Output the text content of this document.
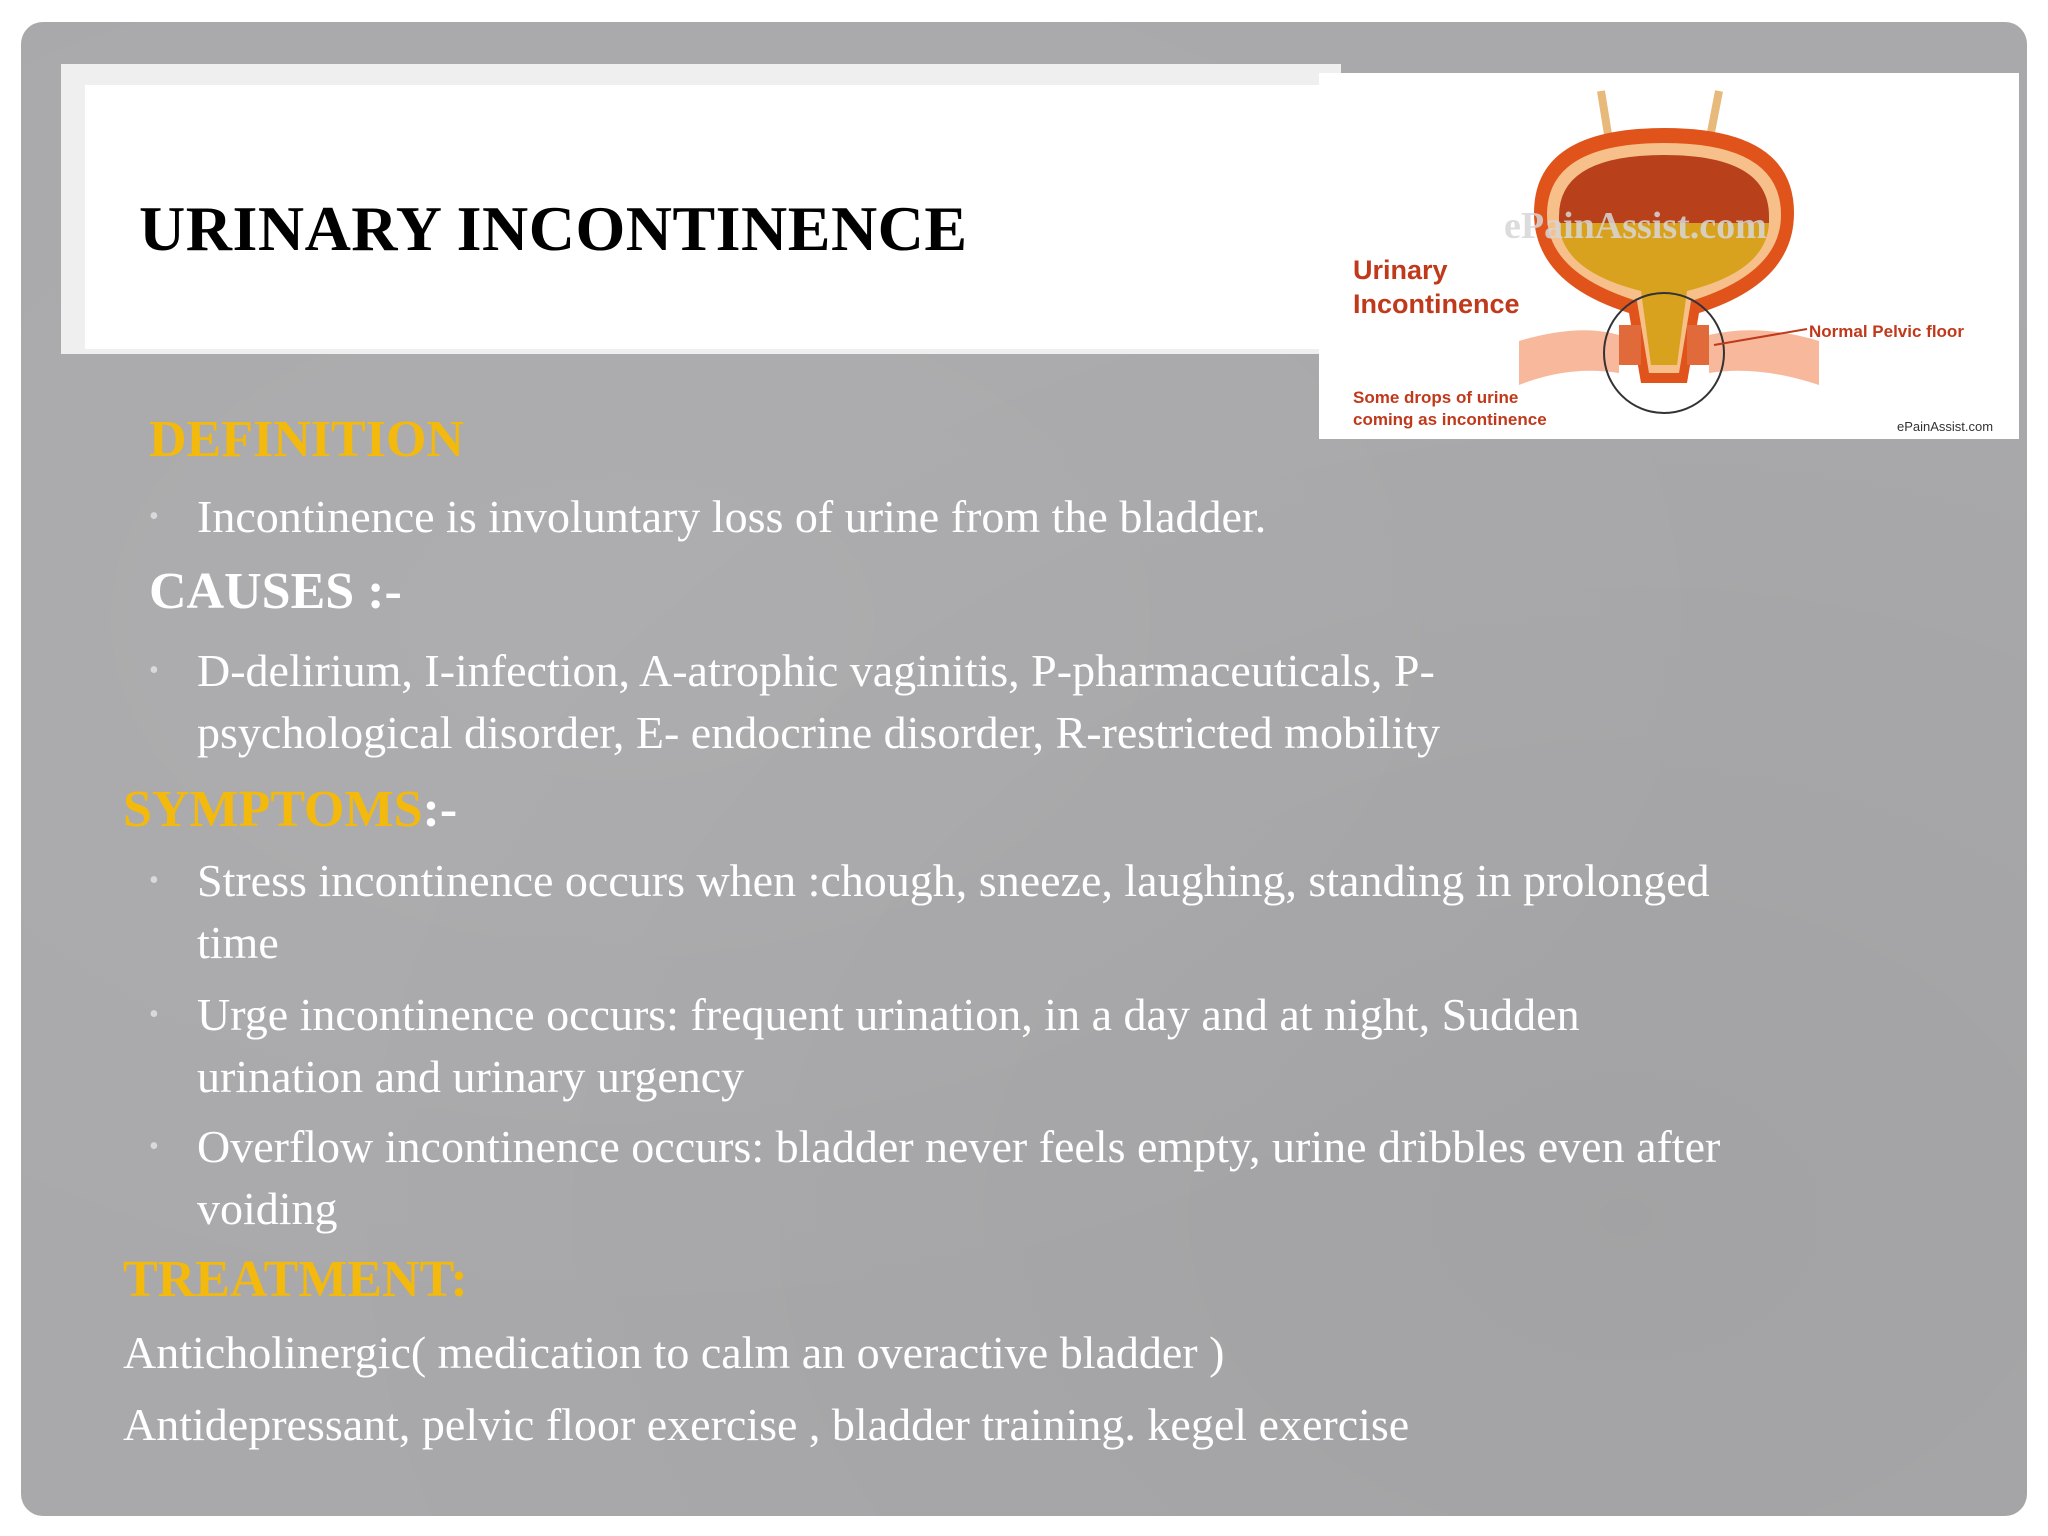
URINARY INCONTINENCE	ePainAssist.com
Urinary
Incontinence
Normal Pelvic floor
Some drops of urine
coming as incontinence	ePainAssist.com
DEFINITION
• Incontinence is involuntary loss of urine from the bladder.
CAUSES :-
• D-delirium, I-infection, A-atrophic vaginitis, P-pharmaceuticals, P-
psychological disorder, E- endocrine disorder, R-restricted mobility
SYMPTOMS:-
• Stress incontinence occurs when :chough, sneeze, laughing, standing in prolonged
time
• Urge incontinence occurs: frequent urination, in a day and at night, Sudden
urination and urinary urgency
• Overflow incontinence occurs: bladder never feels empty, urine dribbles even after
voiding
TREATMENT:
Anticholinergic( medication to calm an overactive bladder )
Antidepressant, pelvic floor exercise , bladder training. kegel exercise
